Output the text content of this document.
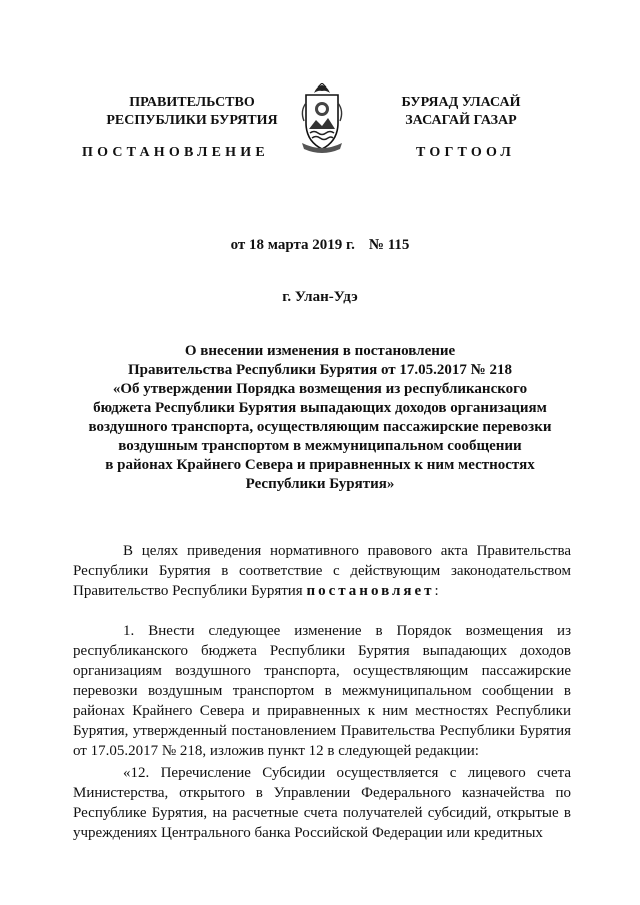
ПРАВИТЕЛЬСТВО
РЕСПУБЛИКИ БУРЯТИЯ
БУРЯАД УЛАСАЙ
ЗАСАГАЙ ГАЗАР
ПОСТАНОВЛЕНИЕ	ТОГТООЛ
от 18 марта 2019 г. № 115
г. Улан-Удэ
О внесении изменения в постановление
Правительства Республики Бурятия от 17.05.2017 № 218
«Об утверждении Порядка возмещения из республиканского
бюджета Республики Бурятия выпадающих доходов организациям
воздушного транспорта, осуществляющим пассажирские перевозки
воздушным транспортом в межмуниципальном сообщении
в районах Крайнего Севера и приравненных к ним местностях
Республики Бурятия»

В целях приведения нормативного правового акта Правительства Республики Бурятия в соответствие с действующим законодательством Правительство Республики Бурятия постановляет:

1. Внести следующее изменение в Порядок возмещения из республиканского бюджета Республики Бурятия выпадающих доходов организациям воздушного транспорта, осуществляющим пассажирские перевозки воздушным транспортом в межмуниципальном сообщении в районах Крайнего Севера и приравненных к ним местностях Республики Бурятия, утвержденный постановлением Правительства Республики Бурятия от 17.05.2017 № 218, изложив пункт 12 в следующей редакции:

«12. Перечисление Субсидии осуществляется с лицевого счета Министерства, открытого в Управлении Федерального казначейства по Республике Бурятия, на расчетные счета получателей субсидий, открытые в учреждениях Центрального банка Российской Федерации или кредитных
